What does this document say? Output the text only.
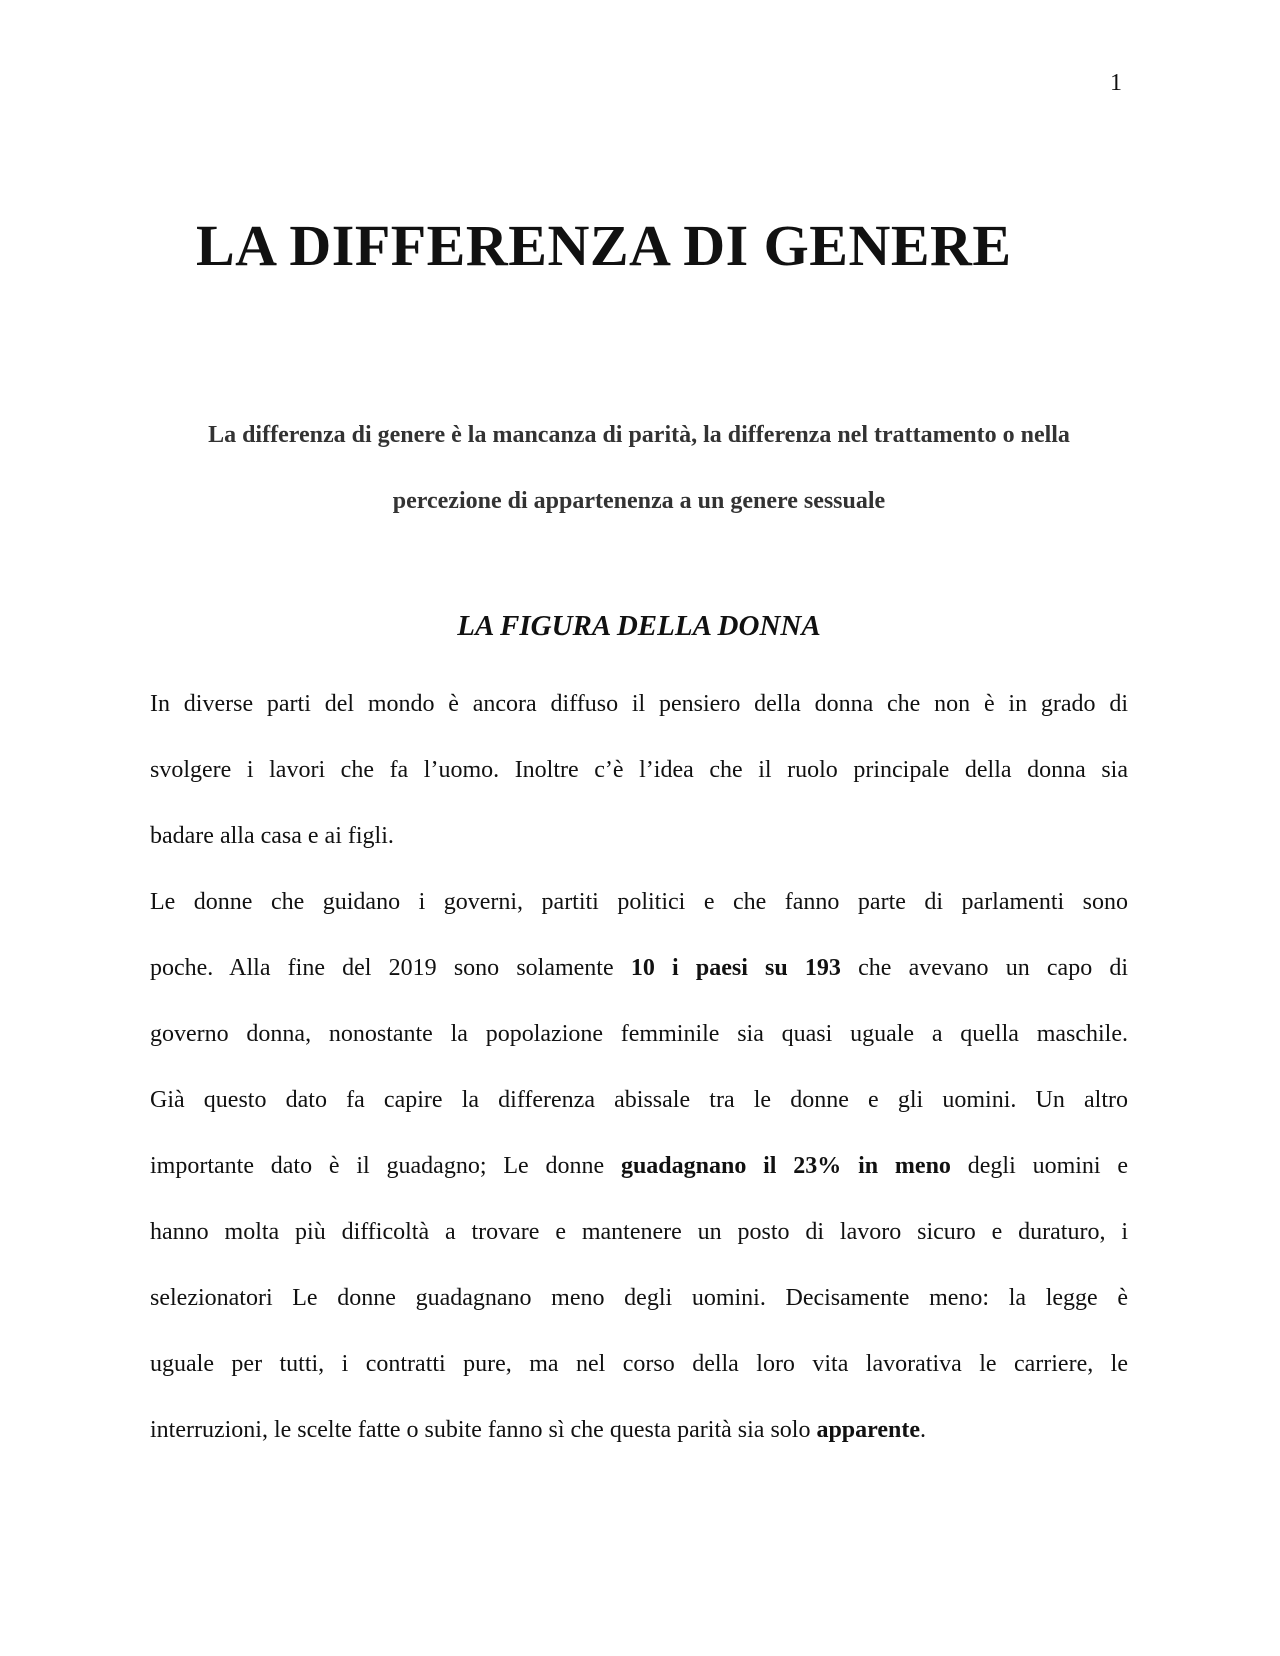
1
LA DIFFERENZA DI GENERE
La differenza di genere è la mancanza di parità, la differenza nel trattamento o nella
percezione di appartenenza a un genere sessuale
LA FIGURA DELLA DONNA
In diverse parti del mondo è ancora diffuso il pensiero della donna che non è in grado di
svolgere i lavori che fa l’uomo. Inoltre c’è l’idea che il ruolo principale della donna sia
badare alla casa e ai figli.
Le donne che guidano i governi, partiti politici e che fanno parte di parlamenti sono
poche. Alla fine del 2019 sono solamente 10 i paesi su 193 che avevano un capo di
governo donna, nonostante la popolazione femminile sia quasi uguale a quella maschile.
Già questo dato fa capire la differenza abissale tra le donne e gli uomini. Un altro
importante dato è il guadagno; Le donne guadagnano il 23% in meno degli uomini e
hanno molta più difficoltà a trovare e mantenere un posto di lavoro sicuro e duraturo, i
selezionatori Le donne guadagnano meno degli uomini. Decisamente meno: la legge è
uguale per tutti, i contratti pure, ma nel corso della loro vita lavorativa le carriere, le
interruzioni, le scelte fatte o subite fanno sì che questa parità sia solo apparente.
